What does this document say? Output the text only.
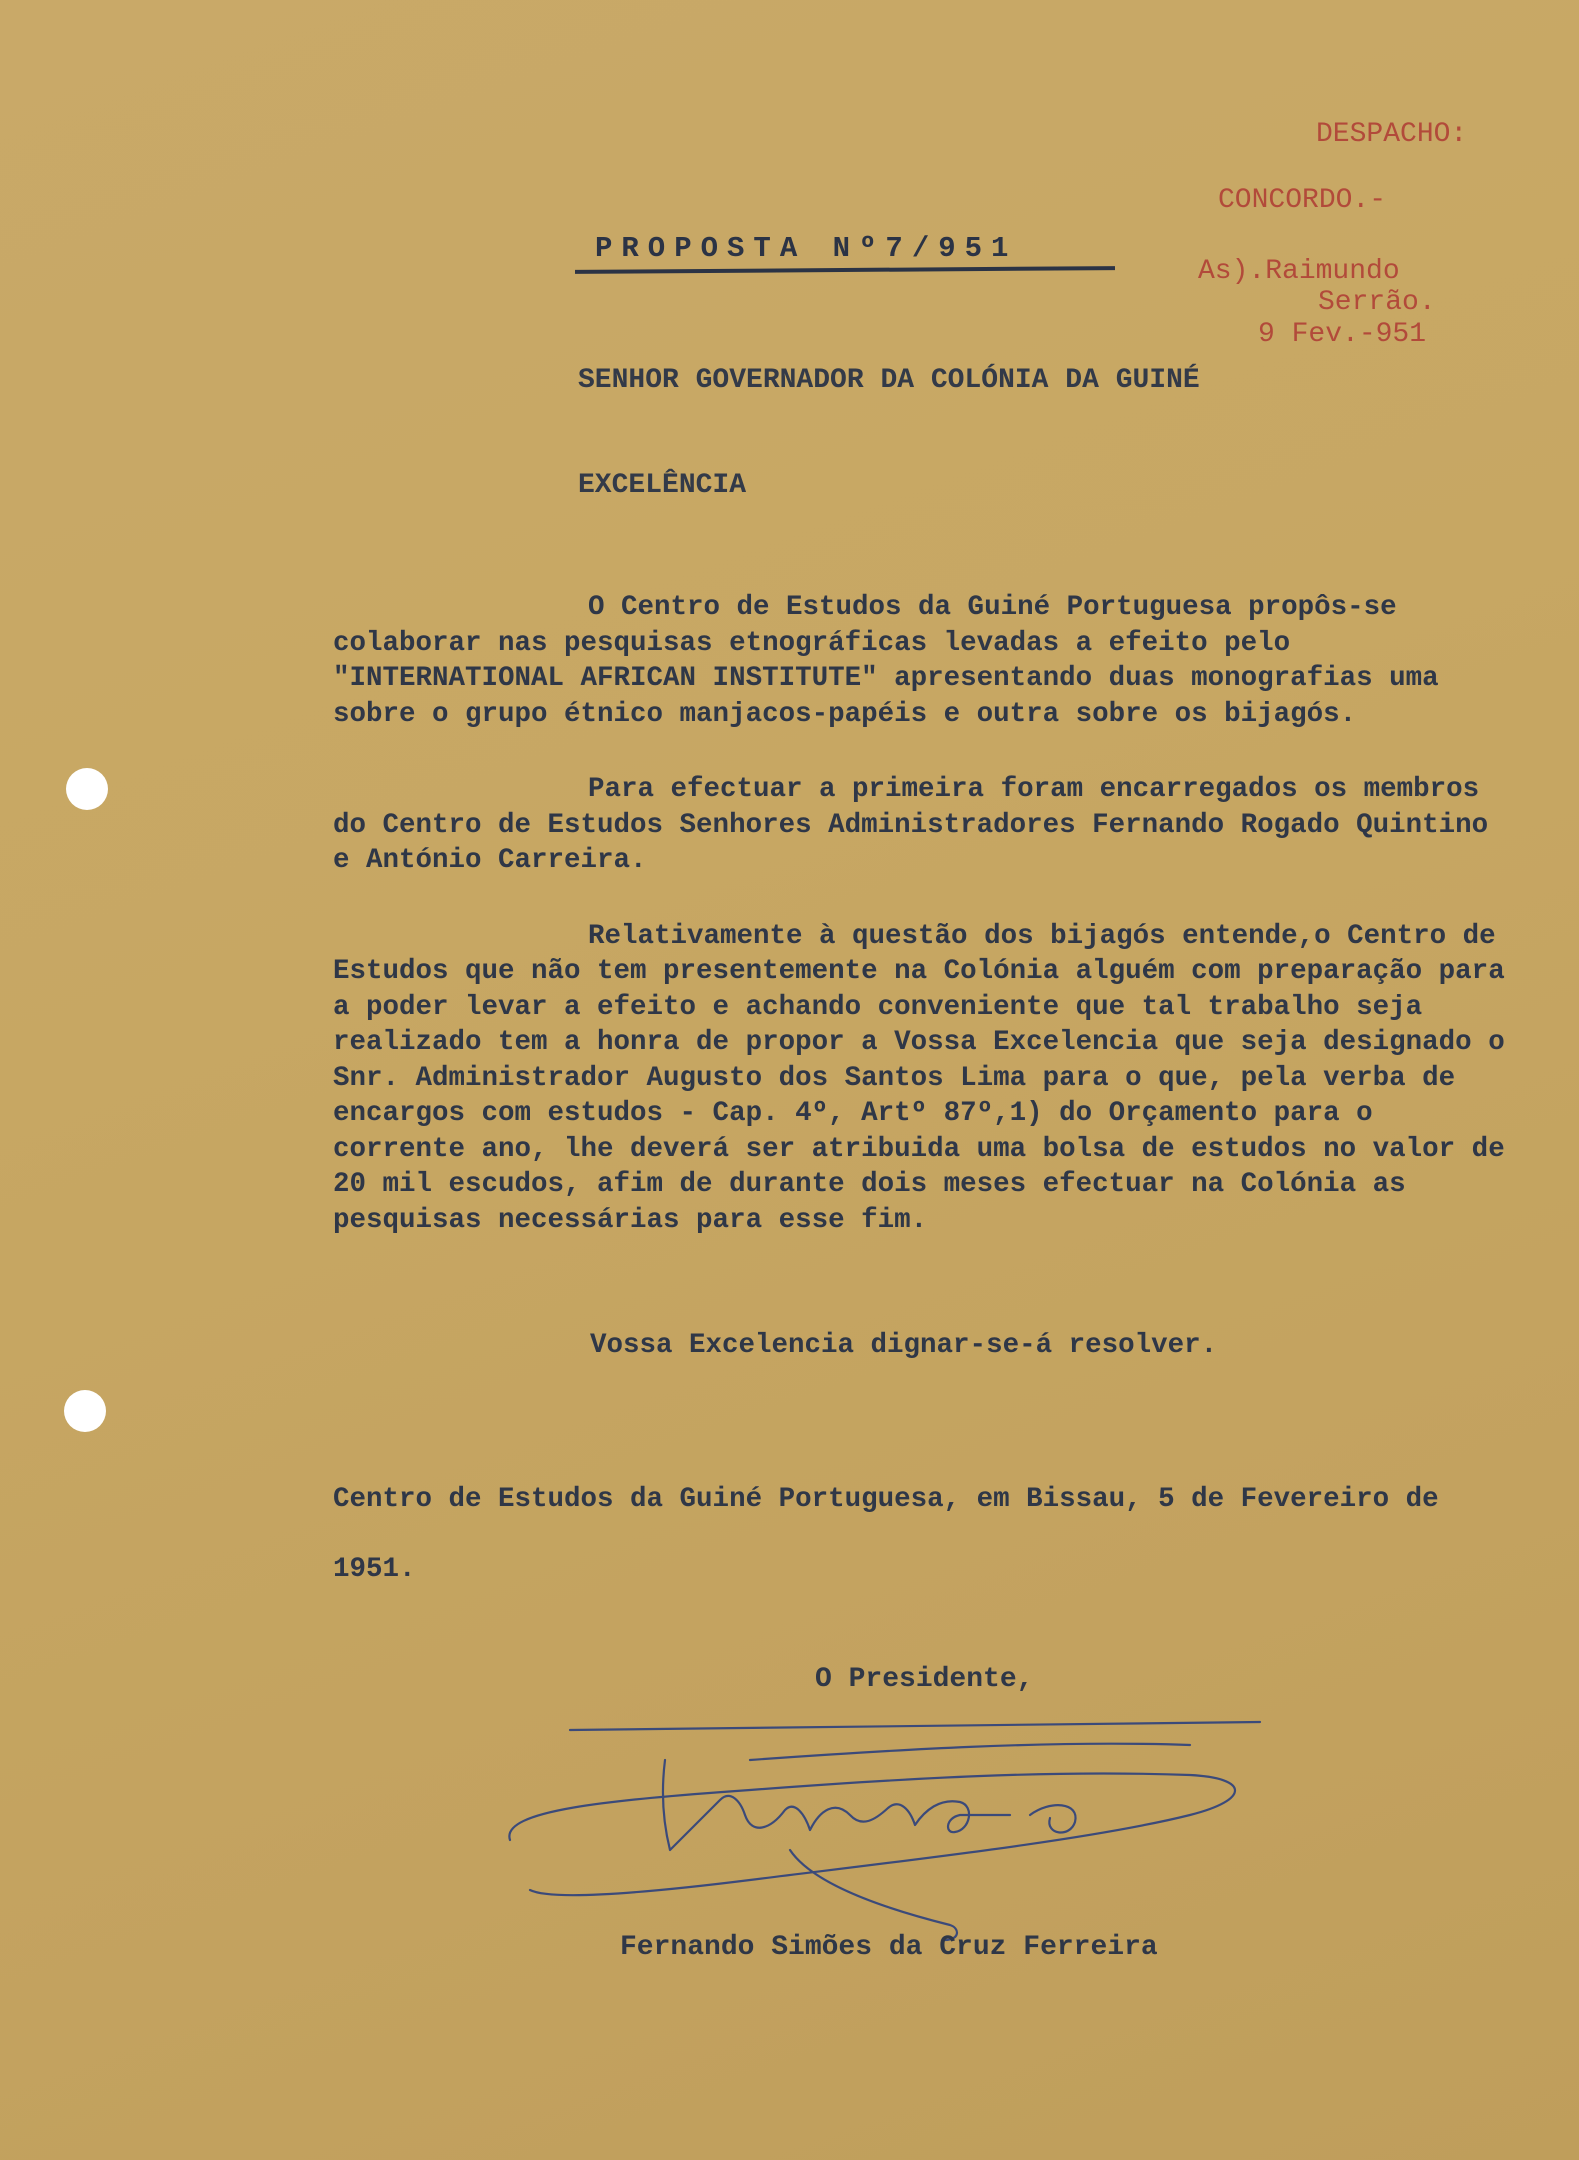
DESPACHO:
CONCORDO.-
As).Raimundo
Serrão.
9 Fev.-951
PROPOSTA Nº7/951
SENHOR GOVERNADOR DA COLÓNIA DA GUINÉ
EXCELÊNCIA

O Centro de Estudos da Guiné Portuguesa propôs-se colaborar nas pesquisas etnográficas levadas a efeito pelo "INTERNATIONAL AFRICAN INSTITUTE" apresentando duas monografias uma sobre o grupo étnico manjacos-papéis e outra sobre os bijagós.

Para efectuar a primeira foram encarregados os membros do Centro de Estudos Senhores Administradores Fernando Rogado Quintino e António Carreira.

Relativamente à questão dos bijagós entende,o Centro de Estudos que não tem presentemente na Colónia alguém com preparação para a poder levar a efeito e achando conveniente que tal trabalho seja realizado tem a honra de propor a Vossa Excelencia que seja designado o Snr. Administrador Augusto dos Santos Lima para o que, pela verba de encargos com estudos - Cap. 4º, Artº 87º,1) do Orçamento para o corrente ano, lhe deverá ser atribuida uma bolsa de estudos no valor de 20 mil escudos, afim de durante dois meses efectuar na Colónia as pesquisas necessárias para esse fim.

Vossa Excelencia dignar-se-á resolver.
Centro de Estudos da Guiné Portuguesa, em Bissau, 5 de Fevereiro de 1951.
O Presidente,
Fernando Simões da Cruz Ferreira
